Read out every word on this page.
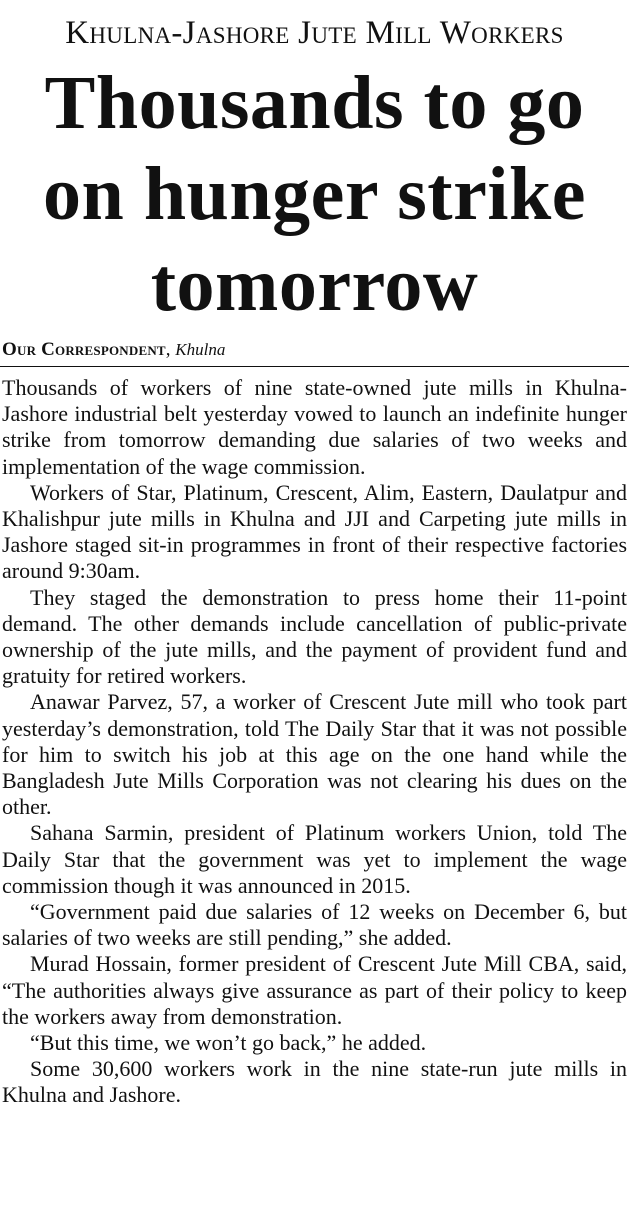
Khulna-Jashore Jute Mill Workers
Thousands to go
on hunger strike
tomorrow
Our Correspondent, Khulna

Thousands of workers of nine state-owned jute mills in Khulna-Jashore industrial belt yesterday vowed to launch an indefinite hunger strike from tomorrow demanding due salaries of two weeks and implementation of the wage commission.

Workers of Star, Platinum, Crescent, Alim, Eastern, Daulatpur and Khalishpur jute mills in Khulna and JJI and Carpeting jute mills in Jashore staged sit-in programmes in front of their respective factories around 9:30am.

They staged the demonstration to press home their 11-point demand. The other demands include cancellation of public-private ownership of the jute mills, and the payment of provident fund and gratuity for retired workers.

Anawar Parvez, 57, a worker of Crescent Jute mill who took part yesterday’s demonstration, told The Daily Star that it was not possible for him to switch his job at this age on the one hand while the Bangladesh Jute Mills Corporation was not clearing his dues on the other.

Sahana Sarmin, president of Platinum workers Union, told The Daily Star that the government was yet to implement the wage commission though it was announced in 2015.

“Government paid due salaries of 12 weeks on December 6, but salaries of two weeks are still pending,” she added.

Murad Hossain, former president of Crescent Jute Mill CBA, said, “The authorities always give assurance as part of their policy to keep the workers away from demonstration.

“But this time, we won’t go back,” he added.

Some 30,600 workers work in the nine state-run jute mills in Khulna and Jashore.
